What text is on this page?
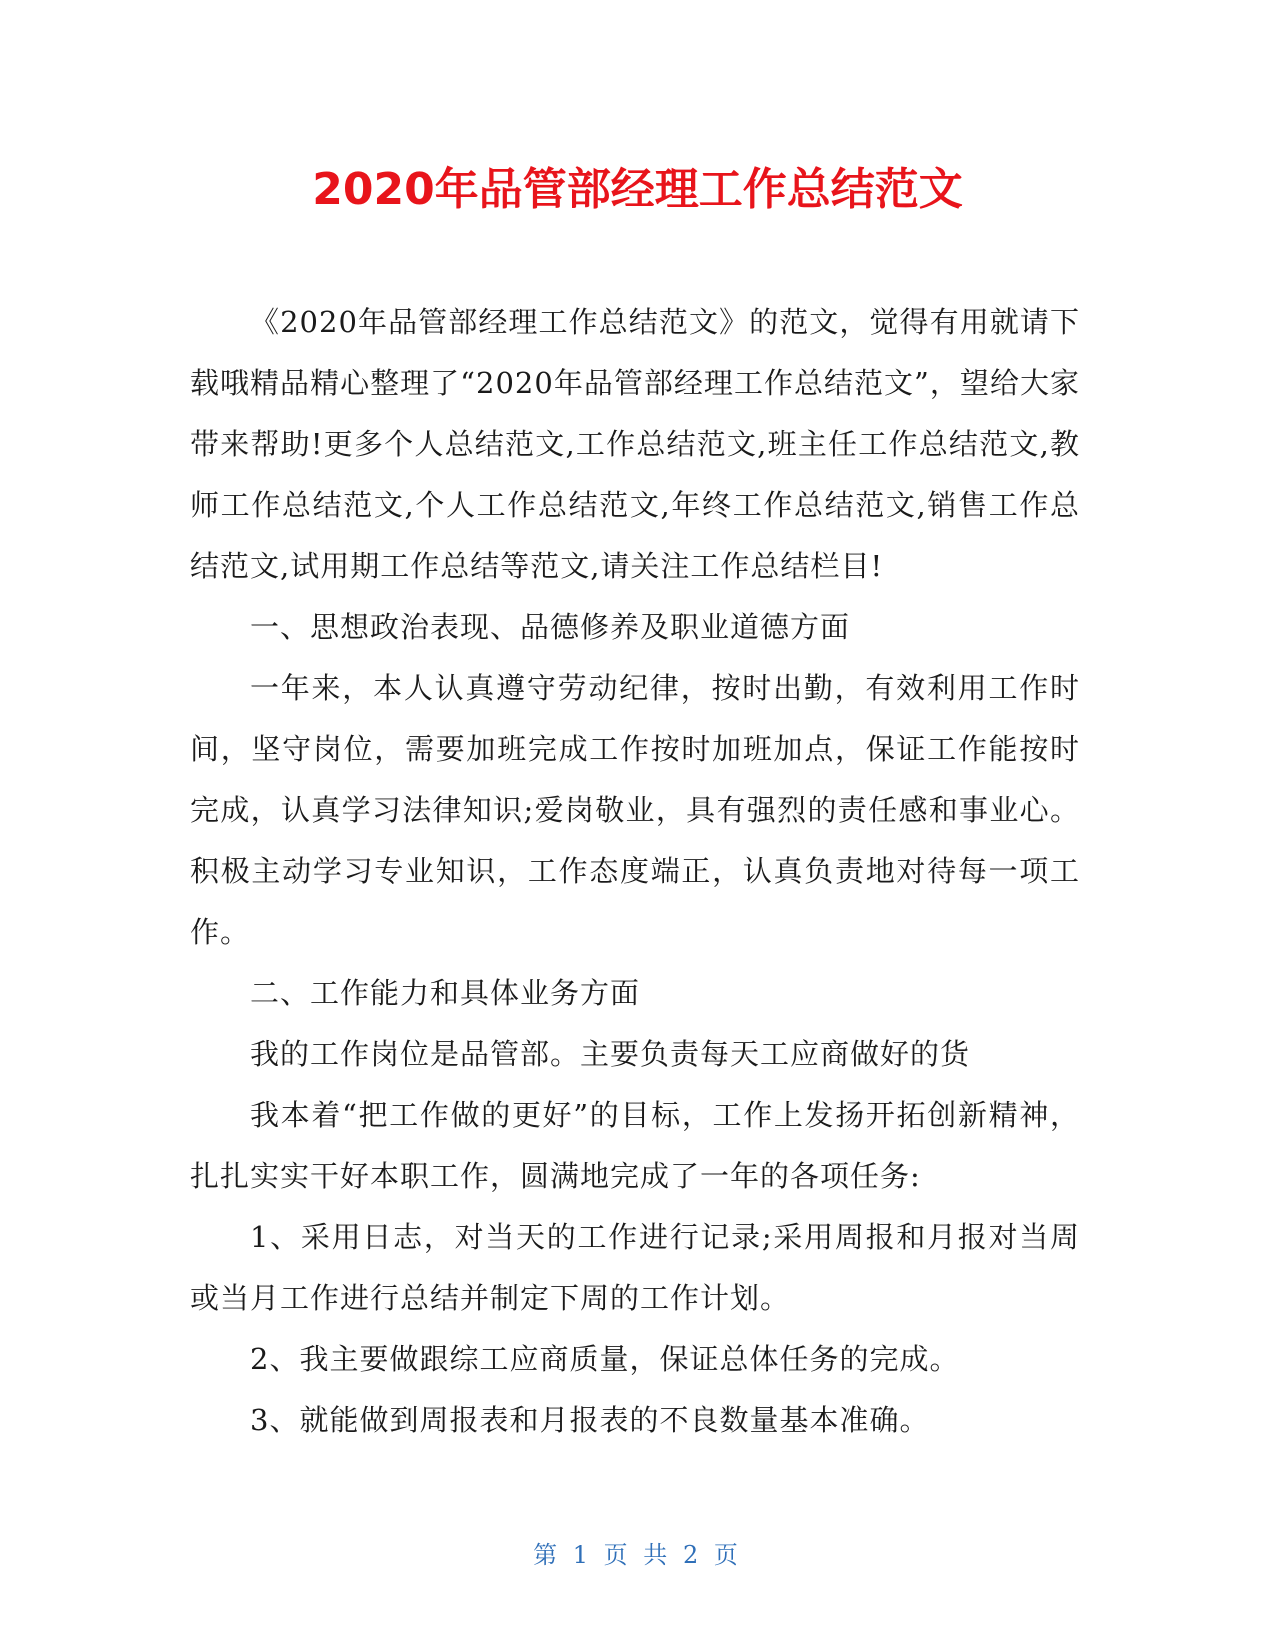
2020年品管部经理工作总结范文

《2020年品管部经理工作总结范文》的范文，觉得有用就请下载哦精品精心整理了“2020年品管部经理工作总结范文”，望给大家带来帮助!更多个人总结范文,工作总结范文,班主任工作总结范文,教师工作总结范文,个人工作总结范文,年终工作总结范文,销售工作总结范文,试用期工作总结等范文,请关注工作总结栏目!

一、思想政治表现、品德修养及职业道德方面

一年来，本人认真遵守劳动纪律，按时出勤，有效利用工作时间，坚守岗位，需要加班完成工作按时加班加点，保证工作能按时完成，认真学习法律知识;爱岗敬业，具有强烈的责任感和事业心。积极主动学习专业知识，工作态度端正，认真负责地对待每一项工作。

二、工作能力和具体业务方面

我的工作岗位是品管部。主要负责每天工应商做好的货

我本着“把工作做的更好”的目标，工作上发扬开拓创新精神，扎扎实实干好本职工作，圆满地完成了一年的各项任务:

1、采用日志，对当天的工作进行记录;采用周报和月报对当周或当月工作进行总结并制定下周的工作计划。

2、我主要做跟综工应商质量，保证总体任务的完成。

3、就能做到周报表和月报表的不良数量基本准确。

第 1 页 共 2 页
